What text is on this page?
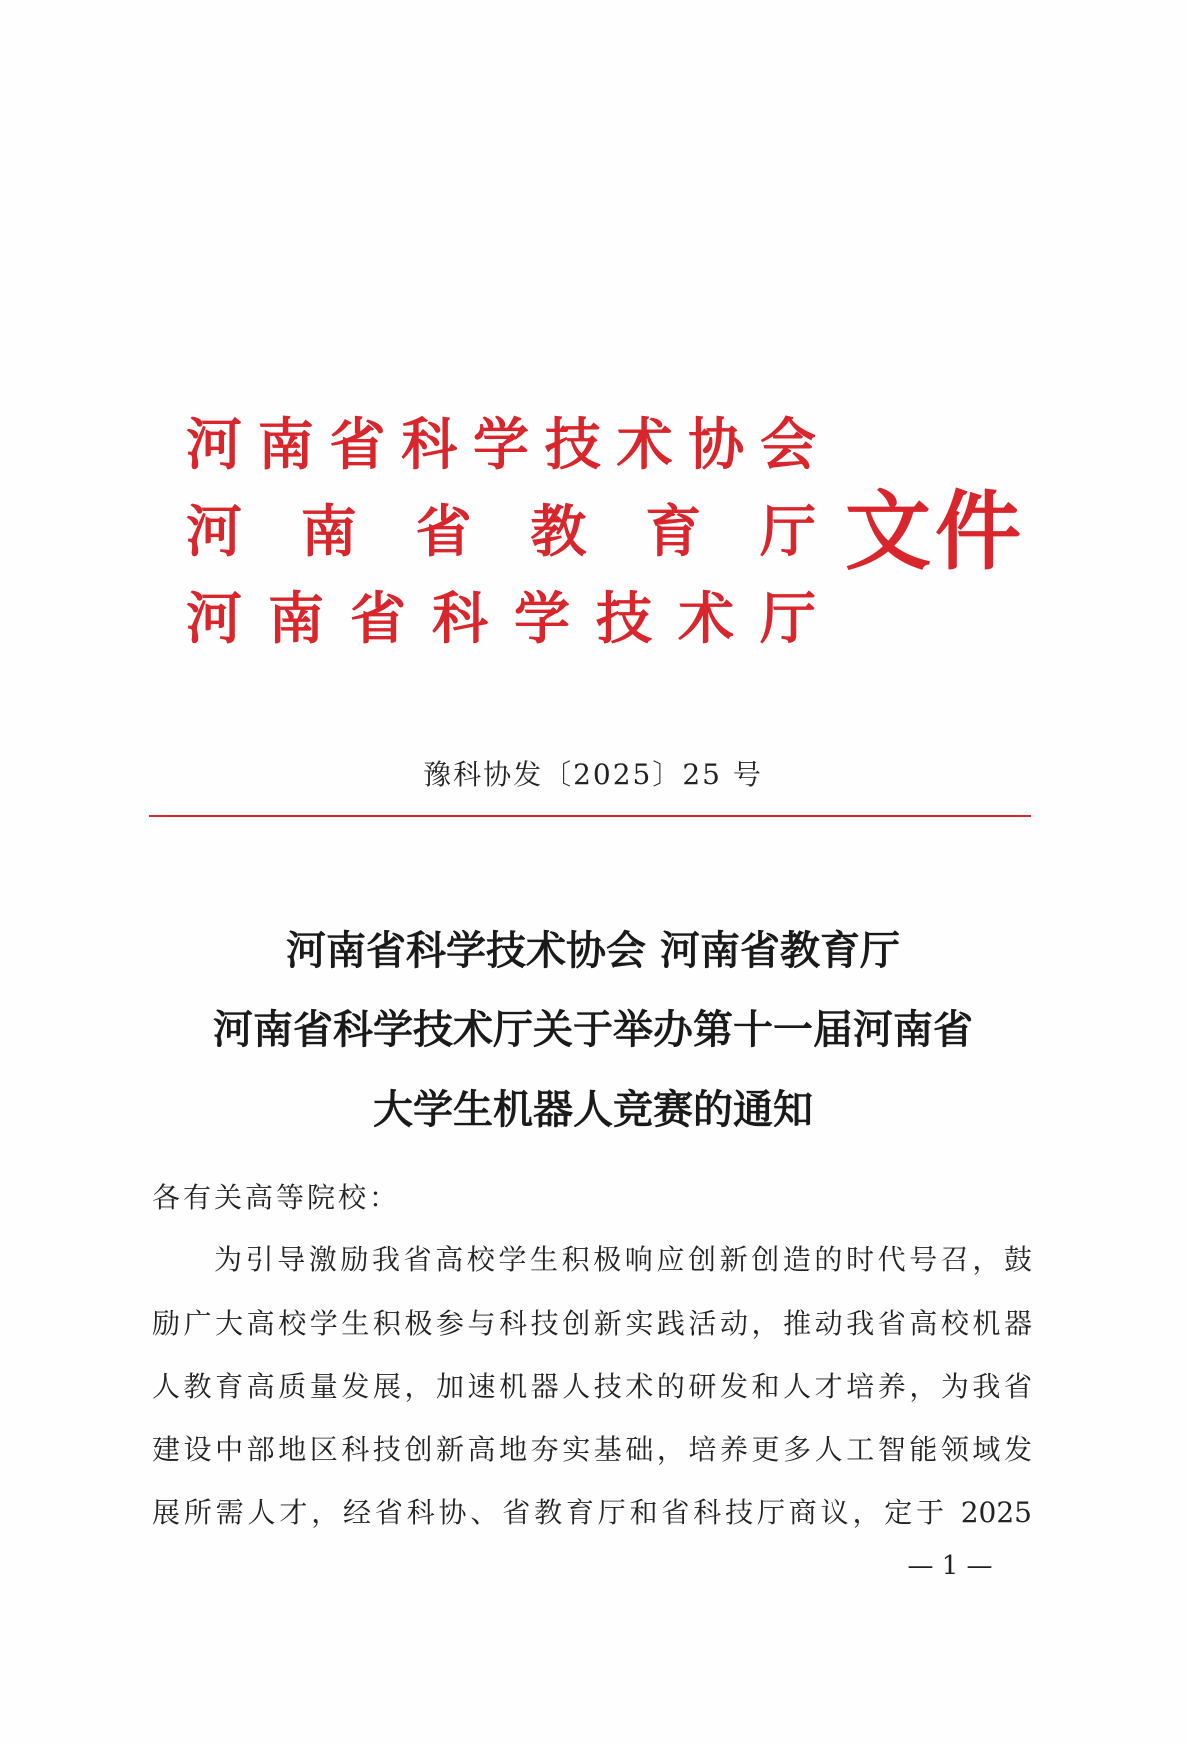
河 南 省 科 学 技 术 协 会
河 南 省 教 育 厅
河 南 省 科 学 技 术 厅
文件
豫科协发〔2025〕25 号
河南省科学技术协会 河南省教育厅
河南省科学技术厅关于举办第十一届河南省
大学生机器人竞赛的通知
各有关高等院校：
为引导激励我省高校学生积极响应创新创造的时代号召，鼓
励广大高校学生积极参与科技创新实践活动，推动我省高校机器
人教育高质量发展，加速机器人技术的研发和人才培养，为我省
建设中部地区科技创新高地夯实基础，培养更多人工智能领域发
展所需人才，经省科协、省教育厅和省科技厅商议，定于 2025
— 1 —
